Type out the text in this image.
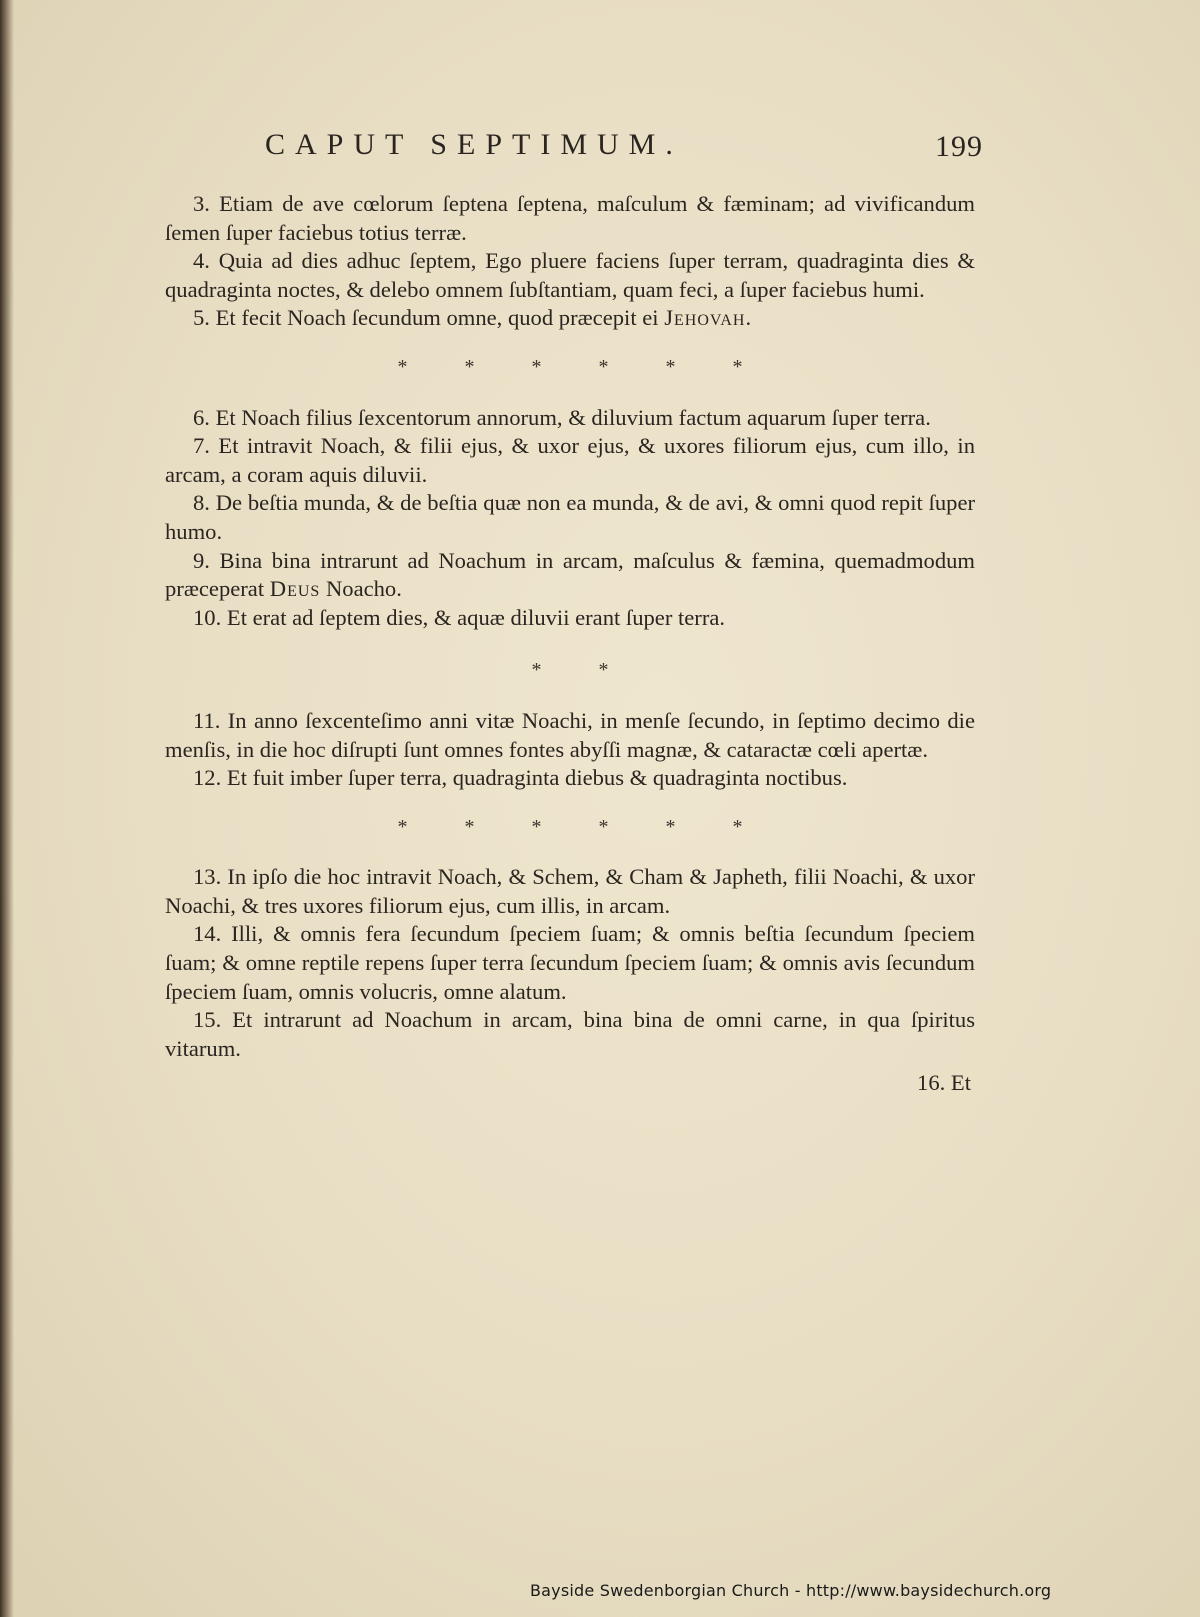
CAPUT SEPTIMUM.	199

3. Etiam de ave cœlorum ſeptena ſeptena, maſculum & fæminam; ad vivificandum ſemen ſuper faciebus totius terræ.

4. Quia ad dies adhuc ſeptem, Ego pluere faciens ſuper terram, quadraginta dies & quadraginta noctes, & delebo omnem ſubſtantiam, quam feci, a ſuper faciebus humi.

5. Et fecit Noach ſecundum omne, quod præcepit ei Jehovah.

* * * * * *

6. Et Noach filius ſexcentorum annorum, & diluvium factum aquarum ſuper terra.

7. Et intravit Noach, & filii ejus, & uxor ejus, & uxores filiorum ejus, cum illo, in arcam, a coram aquis diluvii.

8. De beſtia munda, & de beſtia quæ non ea munda, & de avi, & omni quod repit ſuper humo.

9. Bina bina intrarunt ad Noachum in arcam, maſculus & fæmina, quemadmodum præceperat Deus Noacho.

10. Et erat ad ſeptem dies, & aquæ diluvii erant ſuper terra.

* *

11. In anno ſexcenteſimo anni vitæ Noachi, in menſe ſecundo, in ſeptimo decimo die menſis, in die hoc diſrupti ſunt omnes fontes abyſſi magnæ, & cataractæ cœli apertæ.

12. Et fuit imber ſuper terra, quadraginta diebus & quadraginta noctibus.

* * * * * *

13. In ipſo die hoc intravit Noach, & Schem, & Cham & Japheth, filii Noachi, & uxor Noachi, & tres uxores filiorum ejus, cum illis, in arcam.

14. Illi, & omnis fera ſecundum ſpeciem ſuam; & omnis beſtia ſecundum ſpeciem ſuam; & omne reptile repens ſuper terra ſecundum ſpeciem ſuam; & omnis avis ſecundum ſpeciem ſuam, omnis volucris, omne alatum.

15. Et intrarunt ad Noachum in arcam, bina bina de omni carne, in qua ſpiritus vitarum.

16. Et
Bayside Swedenborgian Church - http://www.baysidechurch.org
